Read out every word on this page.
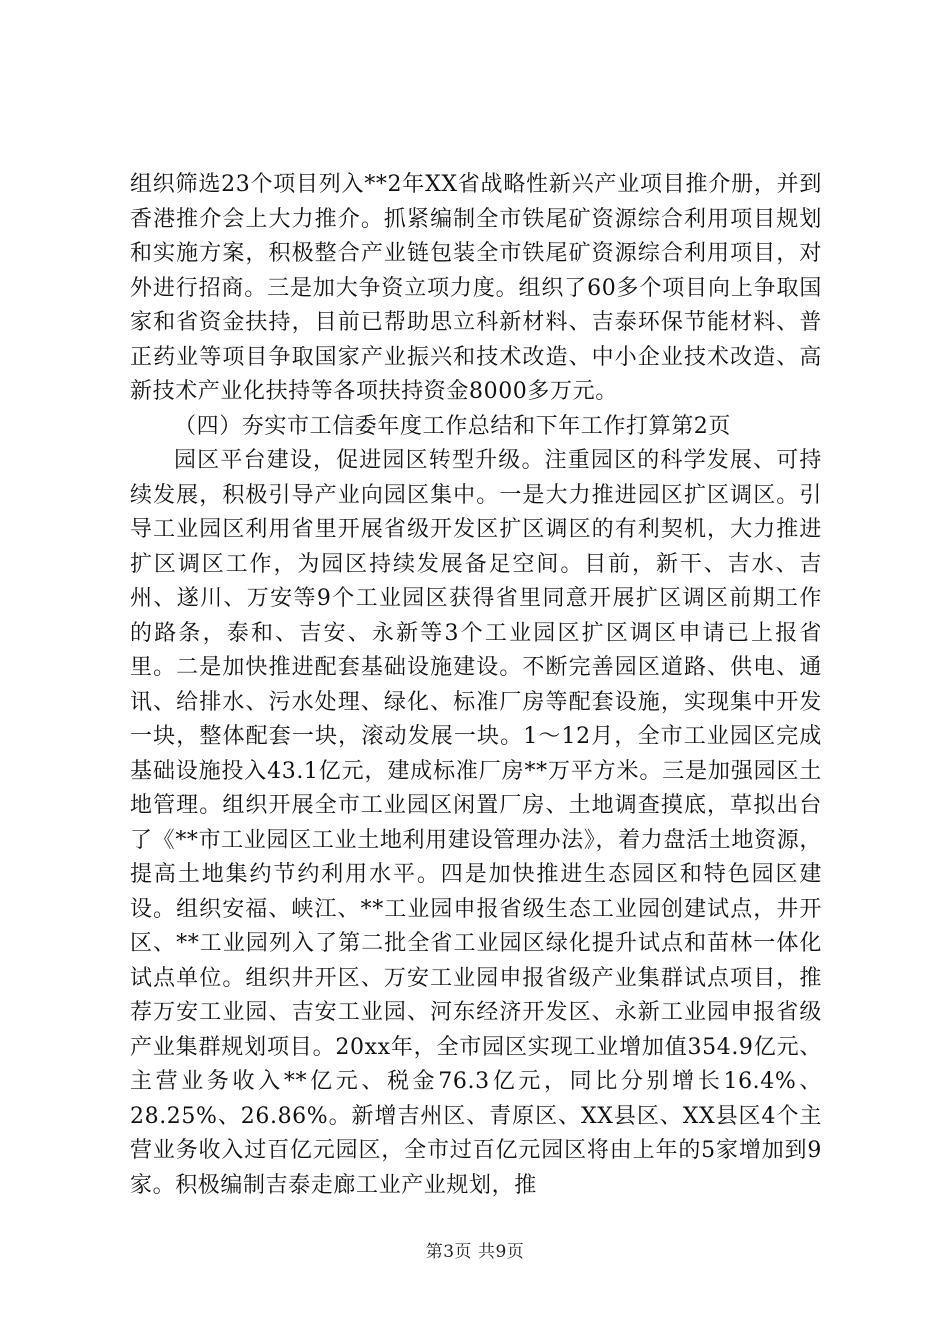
组织筛选23个项目列入**2年XX省战略性新兴产业项目推介册，并到香港推介会上大力推介。抓紧编制全市铁尾矿资源综合利用项目规划和实施方案，积极整合产业链包装全市铁尾矿资源综合利用项目，对外进行招商。三是加大争资立项力度。组织了60多个项目向上争取国家和省资金扶持，目前已帮助思立科新材料、吉泰环保节能材料、普正药业等项目争取国家产业振兴和技术改造、中小企业技术改造、高新技术产业化扶持等各项扶持资金8000多万元。

（四）夯实市工信委年度工作总结和下年工作打算第2页

园区平台建设，促进园区转型升级。注重园区的科学发展、可持续发展，积极引导产业向园区集中。一是大力推进园区扩区调区。引导工业园区利用省里开展省级开发区扩区调区的有利契机，大力推进扩区调区工作，为园区持续发展备足空间。目前，新干、吉水、吉州、遂川、万安等9个工业园区获得省里同意开展扩区调区前期工作的路条，泰和、吉安、永新等3个工业园区扩区调区申请已上报省里。二是加快推进配套基础设施建设。不断完善园区道路、供电、通讯、给排水、污水处理、绿化、标准厂房等配套设施，实现集中开发一块，整体配套一块，滚动发展一块。1～12月，全市工业园区完成基础设施投入43.1亿元，建成标准厂房**万平方米。三是加强园区土地管理。组织开展全市工业园区闲置厂房、土地调查摸底，草拟出台了《**市工业园区工业土地利用建设管理办法》，着力盘活土地资源，提高土地集约节约利用水平。四是加快推进生态园区和特色园区建设。组织安福、峡江、**工业园申报省级生态工业园创建试点，井开区、**工业园列入了第二批全省工业园区绿化提升试点和苗林一体化试点单位。组织井开区、万安工业园申报省级产业集群试点项目，推荐万安工业园、吉安工业园、河东经济开发区、永新工业园申报省级产业集群规划项目。20xx年，全市园区实现工业增加值354.9亿元、主营业务收入**亿元、税金76.3亿元，同比分别增长16.4%、28.25%、26.86%。新增吉州区、青原区、XX县区、XX县区4个主营业务收入过百亿元园区，全市过百亿元园区将由上年的5家增加到9家。积极编制吉泰走廊工业产业规划，推

第3页 共9页
